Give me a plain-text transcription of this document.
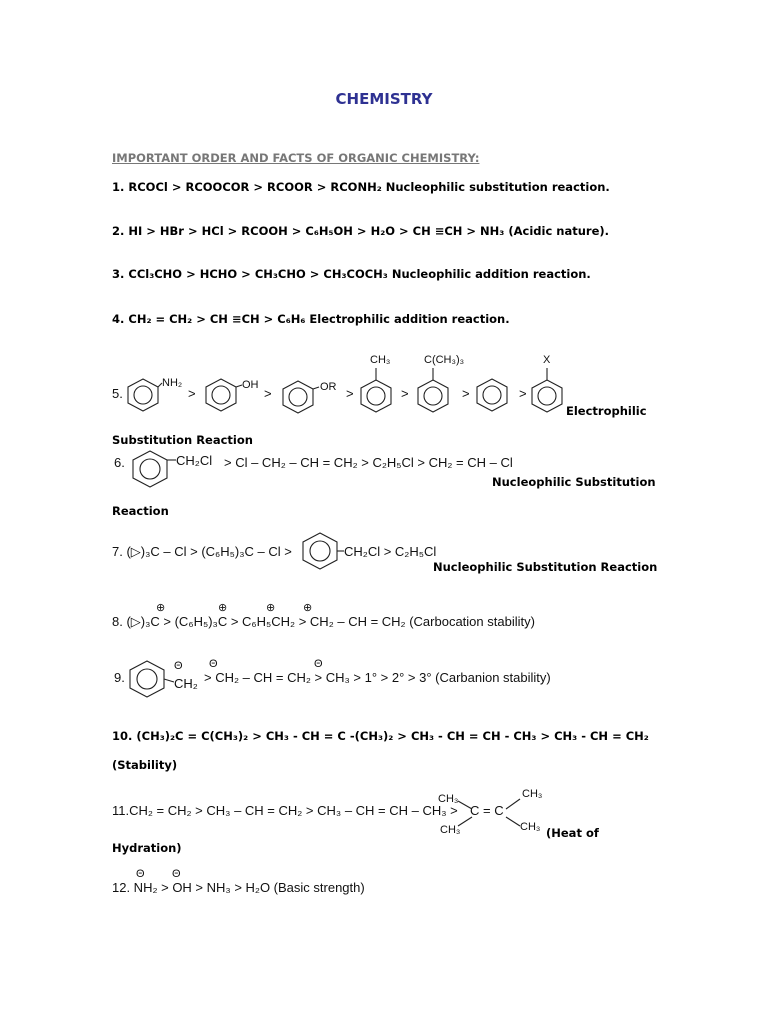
CHEMISTRY
IMPORTANT ORDER AND FACTS OF ORGANIC CHEMISTRY:
1. RCOCl > RCOOCOR > RCOOR > RCONH₂ Nucleophilic substitution reaction.
2. HI > HBr > HCl > RCOOH > C₆H₅OH > H₂O > CH ≡CH > NH₃ (Acidic nature).
3. CCl₃CHO > HCHO > CH₃CHO > CH₃COCH₃ Nucleophilic addition reaction.
4. CH₂ = CH₂ > CH ≡CH > C₆H₆ Electrophilic addition reaction.
5.
NH₂
>
OH
>	OR >
CH₃
>
C(CH₃)₃
>	>
X
Electrophilic
Substitution Reaction
6.	CH₂Cl > Cl – CH₂ – CH = CH₂ > C₂H₅Cl > CH₂ = CH – Cl
Nucleophilic Substitution
Reaction
7. (▷)₃C – Cl > (C₆H₅)₃C – Cl >	CH₂Cl > C₂H₅Cl
Nucleophilic Substitution Reaction
8. (▷)₃C > (C₆H₅)₃C > C₆H₅CH₂ > CH₂ – CH = CH₂ (Carbocation stability)
⊕	⊕	⊕	⊕
9.	CH₂ > CH₂ – CH = CH₂ > CH₃ > 1° > 2° > 3° (Carbanion stability)
Θ Θ	Θ
10. (CH₃)₂C = C(CH₃)₂ > CH₃ - CH = C -(CH₃)₂ > CH₃ - CH = CH - CH₃ > CH₃ - CH = CH₂
(Stability)
11.CH₂ = CH₂ > CH₃ – CH = CH₂ > CH₃ – CH = CH – CH₃ >
CH₃	CH₃
C = C
CH₃	CH₃ (Heat of
Hydration)
12. NH₂ > OH > NH₃ > H₂O (Basic strength)
Θ Θ
